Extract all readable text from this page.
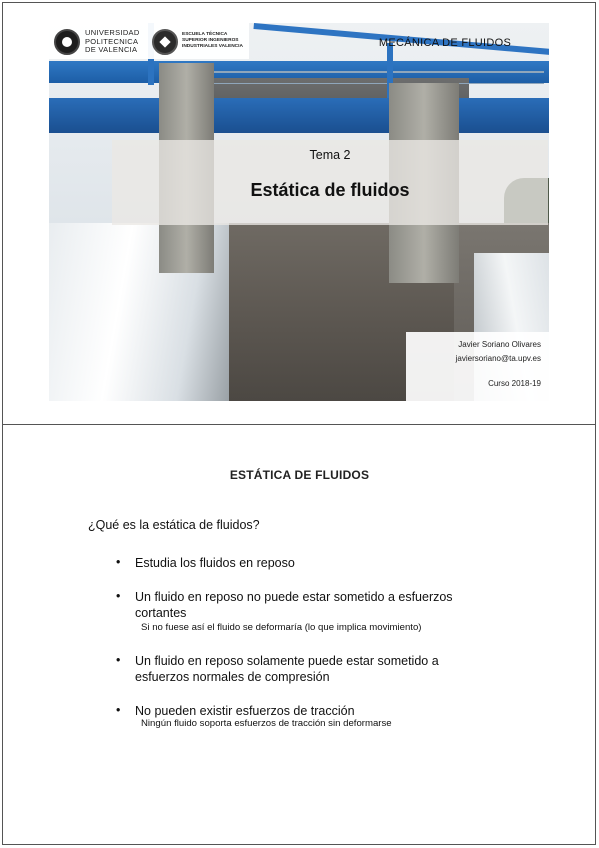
UNIVERSIDAD
POLITECNICA
DE VALENCIA
ESCUELA TÉCNICA
SUPERIOR INGENIEROS
INDUSTRIALES VALENCIA	MECÁNICA DE FLUIDOS
Tema 2
Estática de fluidos
Javier Soriano Olivares
javiersoriano@ta.upv.es
Curso 2018-19
ESTÁTICA DE FLUIDOS
¿Qué es la estática de fluidos?
• Estudia los fluidos en reposo
• Un fluido en reposo no puede estar sometido a esfuerzos
cortantes
Si no fuese así el fluido se deformaría (lo que implica movimiento)
• Un fluido en reposo solamente puede estar sometido a
esfuerzos normales de compresión
• No pueden existir esfuerzos de tracción
Ningún fluido soporta esfuerzos de tracción sin deformarse
